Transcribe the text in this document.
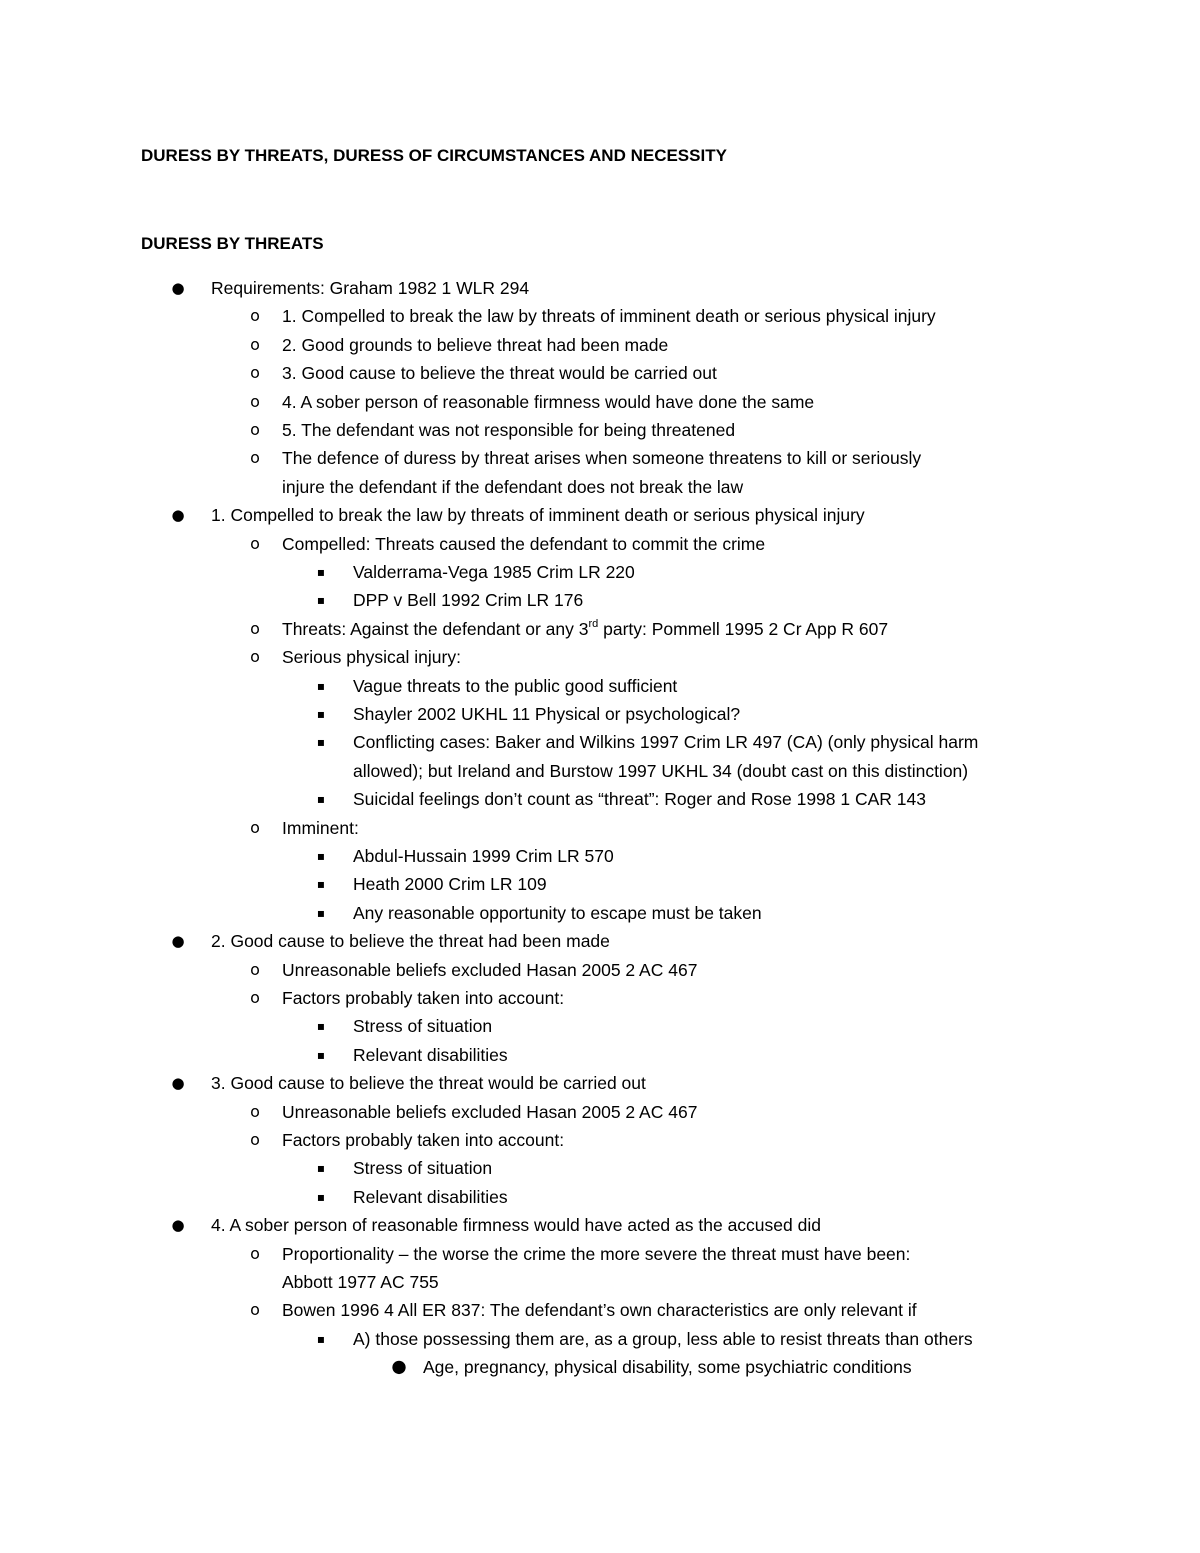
DURESS BY THREATS, DURESS OF CIRCUMSTANCES AND NECESSITY
DURESS BY THREATS
● Requirements: Graham 1982 1 WLR 294
o 1. Compelled to break the law by threats of imminent death or serious physical injury
o 2. Good grounds to believe threat had been made
o 3. Good cause to believe the threat would be carried out
o 4. A sober person of reasonable firmness would have done the same
o 5. The defendant was not responsible for being threatened
o The defence of duress by threat arises when someone threatens to kill or seriously
injure the defendant if the defendant does not break the law
● 1. Compelled to break the law by threats of imminent death or serious physical injury
o Compelled: Threats caused the defendant to commit the crime
▪ Valderrama-Vega 1985 Crim LR 220
▪ DPP v Bell 1992 Crim LR 176
o Threats: Against the defendant or any 3rd party: Pommell 1995 2 Cr App R 607
o Serious physical injury:
▪ Vague threats to the public good sufficient
▪ Shayler 2002 UKHL 11 Physical or psychological?
▪ Conflicting cases: Baker and Wilkins 1997 Crim LR 497 (CA) (only physical harm
allowed); but Ireland and Burstow 1997 UKHL 34 (doubt cast on this distinction)
▪ Suicidal feelings don’t count as “threat”: Roger and Rose 1998 1 CAR 143
o Imminent:
▪ Abdul-Hussain 1999 Crim LR 570
▪ Heath 2000 Crim LR 109
▪ Any reasonable opportunity to escape must be taken
● 2. Good cause to believe the threat had been made
o Unreasonable beliefs excluded Hasan 2005 2 AC 467
o Factors probably taken into account:
▪ Stress of situation
▪ Relevant disabilities
● 3. Good cause to believe the threat would be carried out
o Unreasonable beliefs excluded Hasan 2005 2 AC 467
o Factors probably taken into account:
▪ Stress of situation
▪ Relevant disabilities
● 4. A sober person of reasonable firmness would have acted as the accused did
o Proportionality – the worse the crime the more severe the threat must have been:
Abbott 1977 AC 755
o Bowen 1996 4 All ER 837: The defendant’s own characteristics are only relevant if
▪ A) those possessing them are, as a group, less able to resist threats than others
● Age, pregnancy, physical disability, some psychiatric conditions
